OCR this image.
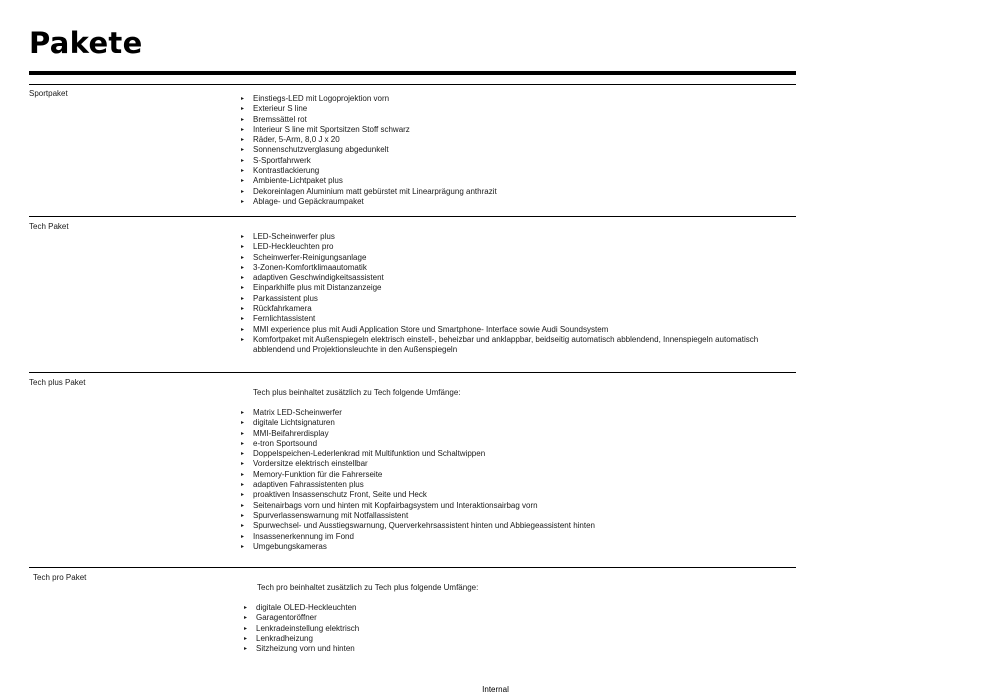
Pakete
Sportpaket
▸ Einstiegs-LED mit Logoprojektion vorn
▸ Exterieur S line
▸ Bremssättel rot
▸ Interieur S line mit Sportsitzen Stoff schwarz
▸ Räder, 5-Arm, 8,0 J x 20
▸ Sonnenschutzverglasung abgedunkelt
▸ S-Sportfahrwerk
▸ Kontrastlackierung
▸ Ambiente-Lichtpaket plus
▸ Dekoreinlagen Aluminium matt gebürstet mit Linearprägung anthrazit
▸ Ablage- und Gepäckraumpaket
Tech Paket
▸ LED-Scheinwerfer plus
▸ LED-Heckleuchten pro
▸ Scheinwerfer-Reinigungsanlage
▸ 3-Zonen-Komfortklimaautomatik
▸ adaptiven Geschwindigkeitsassistent
▸ Einparkhilfe plus mit Distanzanzeige
▸ Parkassistent plus
▸ Rückfahrkamera
▸ Fernlichtassistent
▸ MMI experience plus mit Audi Application Store und Smartphone- Interface sowie Audi Soundsystem
▸ Komfortpaket mit Außenspiegeln elektrisch einstell-, beheizbar und anklappbar, beidseitig automatisch abblendend, Innenspiegeln automatisch abblendend und Projektionsleuchte in den Außenspiegeln
Tech plus Paket
Tech plus beinhaltet zusätzlich zu Tech folgende Umfänge:
▸ Matrix LED-Scheinwerfer
▸ digitale Lichtsignaturen
▸ MMI-Beifahrerdisplay
▸ e-tron Sportsound
▸ Doppelspeichen-Lederlenkrad mit Multifunktion und Schaltwippen
▸ Vordersitze elektrisch einstellbar
▸ Memory-Funktion für die Fahrerseite
▸ adaptiven Fahrassistenten plus
▸ proaktiven Insassenschutz Front, Seite und Heck
▸ Seitenairbags vorn und hinten mit Kopfairbagsystem und Interaktionsairbag vorn
▸ Spurverlassenswarnung mit Notfallassistent
▸ Spurwechsel- und Ausstiegswarnung, Querverkehrsassistent hinten und Abbiegeassistent hinten
▸ Insassenerkennung im Fond
▸ Umgebungskameras
Tech pro Paket
Tech pro beinhaltet zusätzlich zu Tech plus folgende Umfänge:
▸ digitale OLED-Heckleuchten
▸ Garagentoröffner
▸ Lenkradeinstellung elektrisch
▸ Lenkradheizung
▸ Sitzheizung vorn und hinten
Internal
